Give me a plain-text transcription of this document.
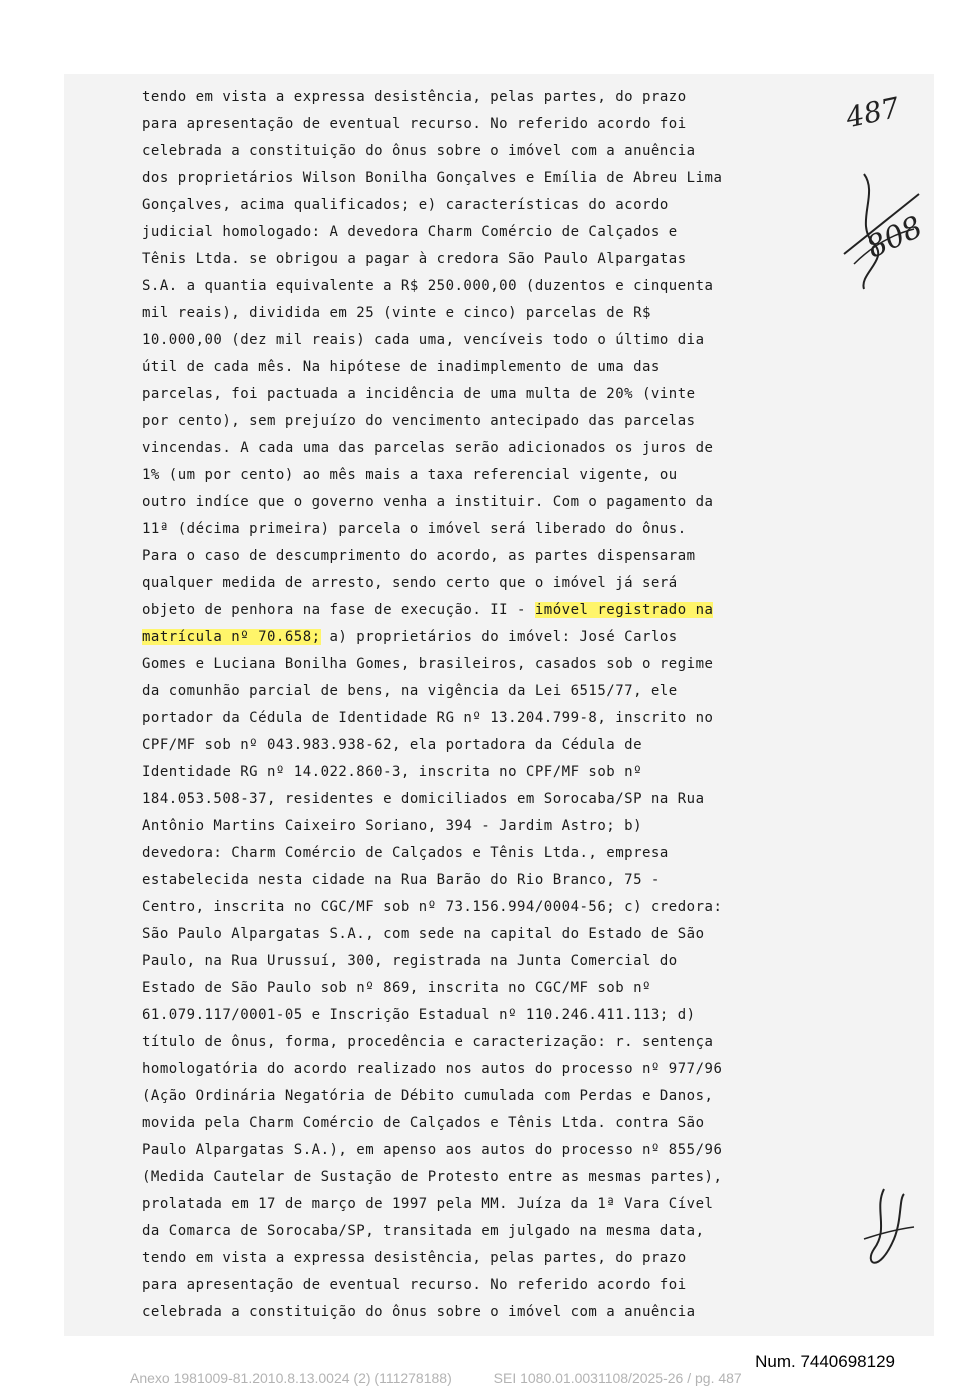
tendo em vista a expressa desistência, pelas partes, do prazo
para apresentação de eventual recurso. No referido acordo foi
celebrada a constituição do ônus sobre o imóvel com a anuência
dos proprietários Wilson Bonilha Gonçalves e Emília de Abreu Lima
Gonçalves, acima qualificados; e) características do acordo
judicial homologado: A devedora Charm Comércio de Calçados e
Tênis Ltda. se obrigou a pagar à credora São Paulo Alpargatas
S.A. a quantia equivalente a R$ 250.000,00 (duzentos e cinquenta
mil reais), dividida em 25 (vinte e cinco) parcelas de R$
10.000,00 (dez mil reais) cada uma, vencíveis todo o último dia
útil de cada mês. Na hipótese de inadimplemento de uma das
parcelas, foi pactuada a incidência de uma multa de 20% (vinte
por cento), sem prejuízo do vencimento antecipado das parcelas
vincendas. A cada uma das parcelas serão adicionados os juros de
1% (um por cento) ao mês mais a taxa referencial vigente, ou
outro indíce que o governo venha a instituir. Com o pagamento da
11ª (décima primeira) parcela o imóvel será liberado do ônus.
Para o caso de descumprimento do acordo, as partes dispensaram
qualquer medida de arresto, sendo certo que o imóvel já será
objeto de penhora na fase de execução. II - imóvel registrado na
matrícula nº 70.658; a) proprietários do imóvel: José Carlos
Gomes e Luciana Bonilha Gomes, brasileiros, casados sob o regime
da comunhão parcial de bens, na vigência da Lei 6515/77, ele
portador da Cédula de Identidade RG nº 13.204.799-8, inscrito no
CPF/MF sob nº 043.983.938-62, ela portadora da Cédula de
Identidade RG nº 14.022.860-3, inscrita no CPF/MF sob nº
184.053.508-37, residentes e domiciliados em Sorocaba/SP na Rua
Antônio Martins Caixeiro Soriano, 394 - Jardim Astro; b)
devedora: Charm Comércio de Calçados e Tênis Ltda., empresa
estabelecida nesta cidade na Rua Barão do Rio Branco, 75 -
Centro, inscrita no CGC/MF sob nº 73.156.994/0004-56; c) credora:
São Paulo Alpargatas S.A., com sede na capital do Estado de São
Paulo, na Rua Urussuí, 300, registrada na Junta Comercial do
Estado de São Paulo sob nº 869, inscrita no CGC/MF sob nº
61.079.117/0001-05 e Inscrição Estadual nº 110.246.411.113; d)
título de ônus, forma, procedência e caracterização: r. sentença
homologatória do acordo realizado nos autos do processo nº 977/96
(Ação Ordinária Negatória de Débito cumulada com Perdas e Danos,
movida pela Charm Comércio de Calçados e Tênis Ltda. contra São
Paulo Alpargatas S.A.), em apenso aos autos do processo nº 855/96
(Medida Cautelar de Sustação de Protesto entre as mesmas partes),
prolatada em 17 de março de 1997 pela MM. Juíza da 1ª Vara Cível
da Comarca de Sorocaba/SP, transitada em julgado na mesma data,
tendo em vista a expressa desistência, pelas partes, do prazo
para apresentação de eventual recurso. No referido acordo foi
celebrada a constituição do ônus sobre o imóvel com a anuência
487
808
Num. 7440698129
Anexo 1981009-81.2010.8.13.0024 (2) (111278188)	SEI 1080.01.0031108/2025-26 / pg. 487
